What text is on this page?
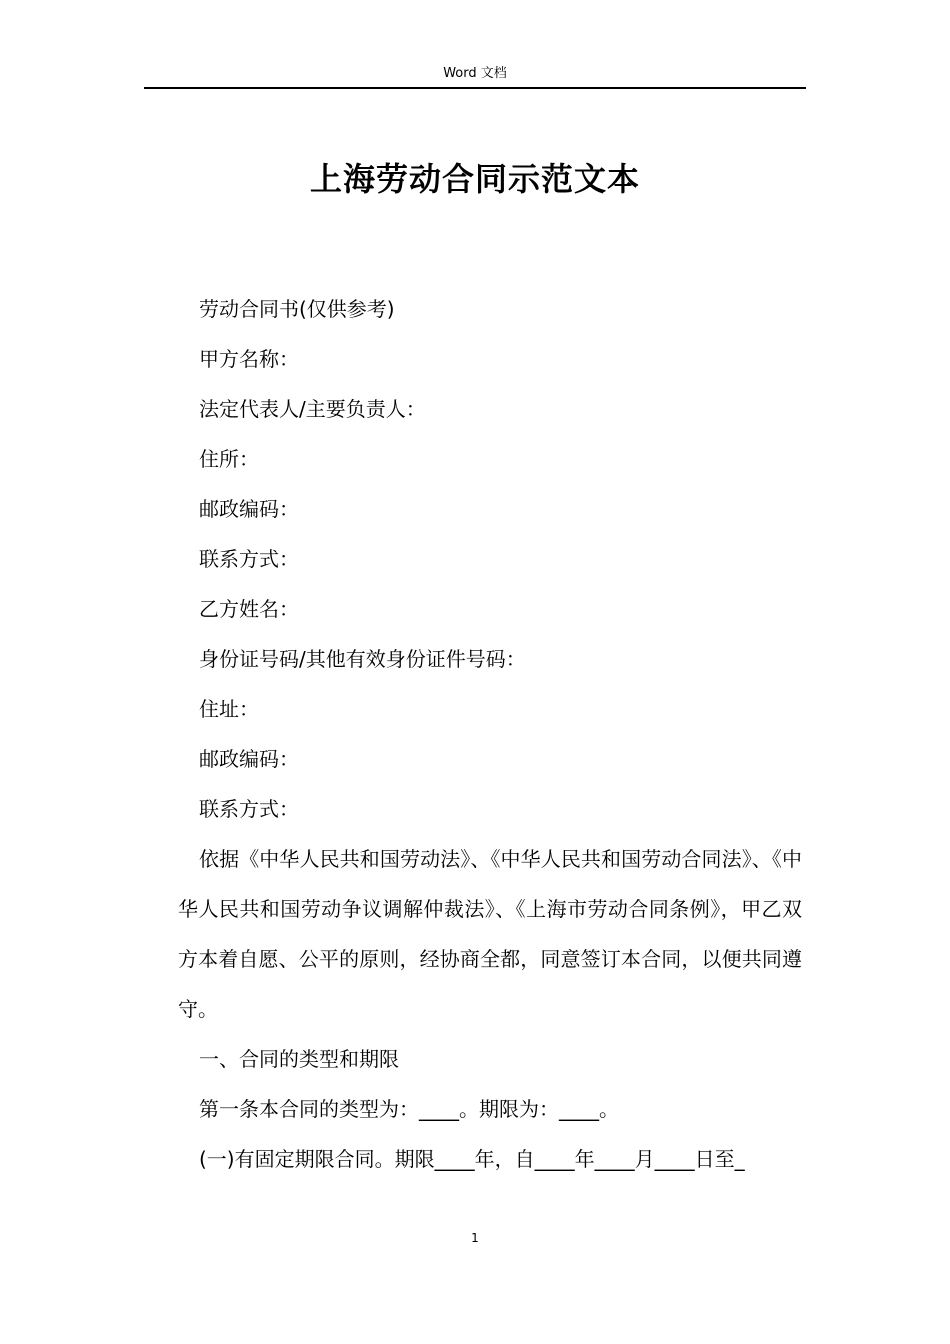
Word 文档
上海劳动合同示范文本

劳动合同书(仅供参考)

甲方名称：

法定代表人/主要负责人：

住所：

邮政编码：

联系方式：

乙方姓名：

身份证号码/其他有效身份证件号码：

住址：

邮政编码：

联系方式：

依据《中华人民共和国劳动法》、《中华人民共和国劳动合同法》、《中华人民共和国劳动争议调解仲裁法》、《上海市劳动合同条例》，甲乙双方本着自愿、公平的原则，经协商全都，同意签订本合同，以便共同遵守。

一、合同的类型和期限

第一条本合同的类型为：____。期限为：____。

(一)有固定期限合同。期限____年，自____年____月____日至_

1
